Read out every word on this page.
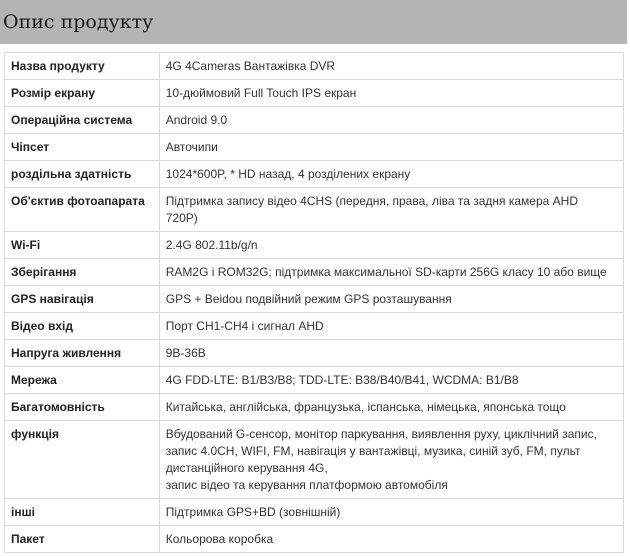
Опис продукту
Назва продукту	4G 4Cameras Вантажівка DVR

Розмір екрану	10-дюймовий Full Touch IPS екран

Операційна система	Android 9.0

Чіпсет	Авточипи

роздільна здатність	1024*600P, * HD назад, 4 розділених екрану

Об'єктив фотоапарата	Підтримка запису відео 4CHS (передня, права, ліва та задня камера AHD
720P)

Wi-Fi	2.4G 802.11b/g/n

Зберігання	RAM2G і ROM32G; підтримка максимальної SD-карти 256G класу 10 або вище

GPS навігація	GPS + Beidou подвійний режим GPS розташування

Відео вхід	Порт CH1-CH4 і сигнал AHD

Напруга живлення	9В-36В

Мережа	4G FDD-LTE: B1/B3/B8; TDD-LTE: B38/B40/B41, WCDMA: B1/B8

Багатомовність	Китайська, англійська, французька, іспанська, німецька, японська тощо

функція	Вбудований G-сенсор, монітор паркування, виявлення руху, циклічний запис,
запис 4.0CH, WIFI, FM, навігація у вантажівці, музика, синій зуб, FM, пульт
дистанційного керування 4G,
запис відео та керування платформою автомобіля

інші	Підтримка GPS+BD (зовнішній)

Пакет	Кольорова коробка
